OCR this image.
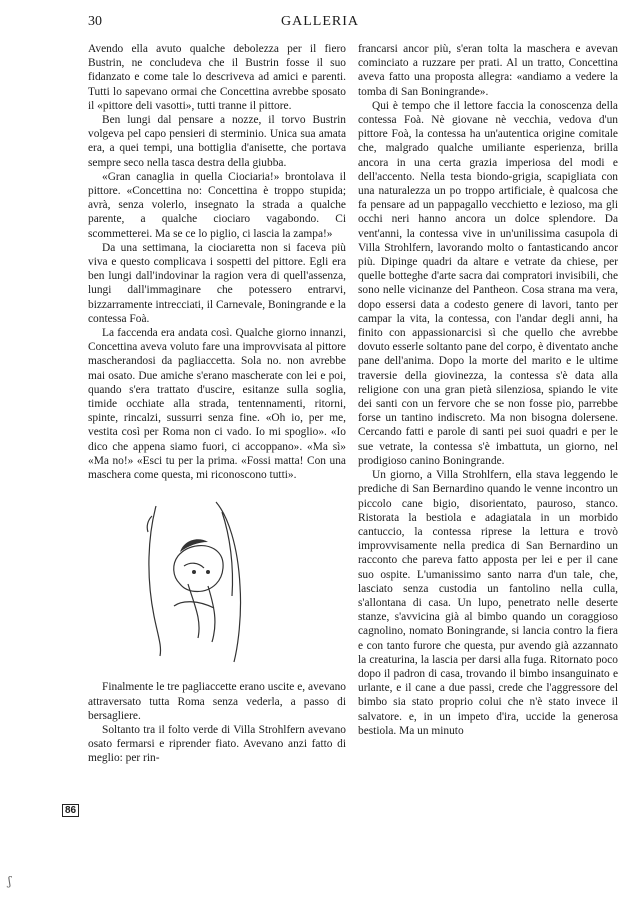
30	GALLERIA

Avendo ella avuto qualche debolezza per il fiero Bustrin, ne concludeva che il Bustrin fosse il suo fidanzato e come tale lo descriveva ad amici e parenti. Tutti lo sapevano ormai che Concettina avrebbe sposato il «pittore deli vasotti», tutti tranne il pittore.

Ben lungi dal pensare a nozze, il torvo Bustrin volgeva pel capo pensieri di sterminio. Unica sua amata era, a quei tempi, una bottiglia d'anisette, che portava sempre seco nella tasca destra della giubba.

«Gran canaglia in quella Ciociaria!» brontolava il pittore. «Concettina no: Concettina è troppo stupida; avrà, senza volerlo, insegnato la strada a qualche parente, a qualche ciociaro vagabondo. Ci scommetterei. Ma se ce lo piglio, ci lascia la zampa!»

Da una settimana, la ciociaretta non si faceva più viva e questo complicava i sospetti del pittore. Egli era ben lungi dall'indovinar la ragion vera di quell'assenza, lungi dall'immaginare che potessero entrarvi, bizzarramente intrecciati, il Carnevale, Boningrande e la contessa Foà.

La faccenda era andata così. Qualche giorno innanzi, Concettina aveva voluto fare una improvvisata al pittore mascherandosi da pagliaccetta. Sola no. non avrebbe mai osato. Due amiche s'erano mascherate con lei e poi, quando s'era trattato d'uscire, esitanze sulla soglia, timide occhiate alla strada, tentennamenti, ritorni, spinte, rincalzi, sussurri senza fine. «Oh io, per me, vestita così per Roma non ci vado. Io mi spoglio». «Io dico che appena siamo fuori, ci accoppano». «Ma sì» «Ma no!» «Esci tu per la prima. «Fossi matta! Con una maschera come questa, mi riconoscono tutti».

Finalmente le tre pagliaccette erano uscite e, avevano attraversato tutta Roma senza vederla, a passo di bersagliere.

Soltanto tra il folto verde di Villa Strohlfern avevano osato fermarsi e riprender fiato. Avevano anzi fatto di meglio: per rin-

francarsi ancor più, s'eran tolta la maschera e avevan cominciato a ruzzare per prati. Al un tratto, Concettina aveva fatto una proposta allegra: «andiamo a vedere la tomba di San Boningrande».

Qui è tempo che il lettore faccia la conoscenza della contessa Foà. Nè giovane nè vecchia, vedova d'un pittore Foà, la contessa ha un'autentica origine comitale che, malgrado qualche umiliante esperienza, brilla ancora in una certa grazia imperiosa del modi e dell'accento. Nella testa biondo-grigia, scapigliata con una naturalezza un po troppo artificiale, è qualcosa che fa pensare ad un pappagallo vecchietto e lezioso, ma gli occhi neri hanno ancora un dolce splendore. Da vent'anni, la contessa vive in un'unilissima casupola di Villa Strohlfern, lavorando molto o fantasticando ancor più. Dipinge quadri da altare e vetrate da chiese, per quelle botteghe d'arte sacra dai compratori invisibili, che sono nelle vicinanze del Pantheon. Cosa strana ma vera, dopo essersi data a codesto genere di lavori, tanto per campar la vita, la contessa, con l'andar degli anni, ha finito con appassionarcisi sì che quello che avrebbe dovuto esserle soltanto pane del corpo, è diventato anche pane dell'anima. Dopo la morte del marito e le ultime traversie della giovinezza, la contessa s'è data alla religione con una gran pietà silenziosa, spiando le vite dei santi con un fervore che se non fosse pio, parrebbe forse un tantino indiscreto. Ma non bisogna dolersene. Cercando fatti e parole di santi pei suoi quadri e per le sue vetrate, la contessa s'è imbattuta, un giorno, nel prodigioso canino Boningrande.

Un giorno, a Villa Strohlfern, ella stava leggendo le prediche di San Bernardino quando le venne incontro un piccolo cane bigio, disorientato, pauroso, stanco. Ristorata la bestiola e adagiatala in un morbido cantuccio, la contessa riprese la lettura e trovò improvvisamente nella predica di San Bernardino un racconto che pareva fatto apposta per lei e per il cane suo ospite. L'umanissimo santo narra d'un tale, che, lasciato senza custodia un fantolino nella culla, s'allontana di casa. Un lupo, penetrato nelle deserte stanze, s'avvicina già al bimbo quando un coraggioso cagnolino, nomato Boningrande, si lancia contro la fiera e con tanto furore che questa, pur avendo già azzannato la creaturina, la lascia per darsi alla fuga. Ritornato poco dopo il padron di casa, trovando il bimbo insanguinato e urlante, e il cane a due passi, crede che l'aggressore del bimbo sia stato proprio colui che n'è stato invece il salvatore. e, in un impeto d'ira, uccide la generosa bestiola. Ma un minuto

86
ʃ
